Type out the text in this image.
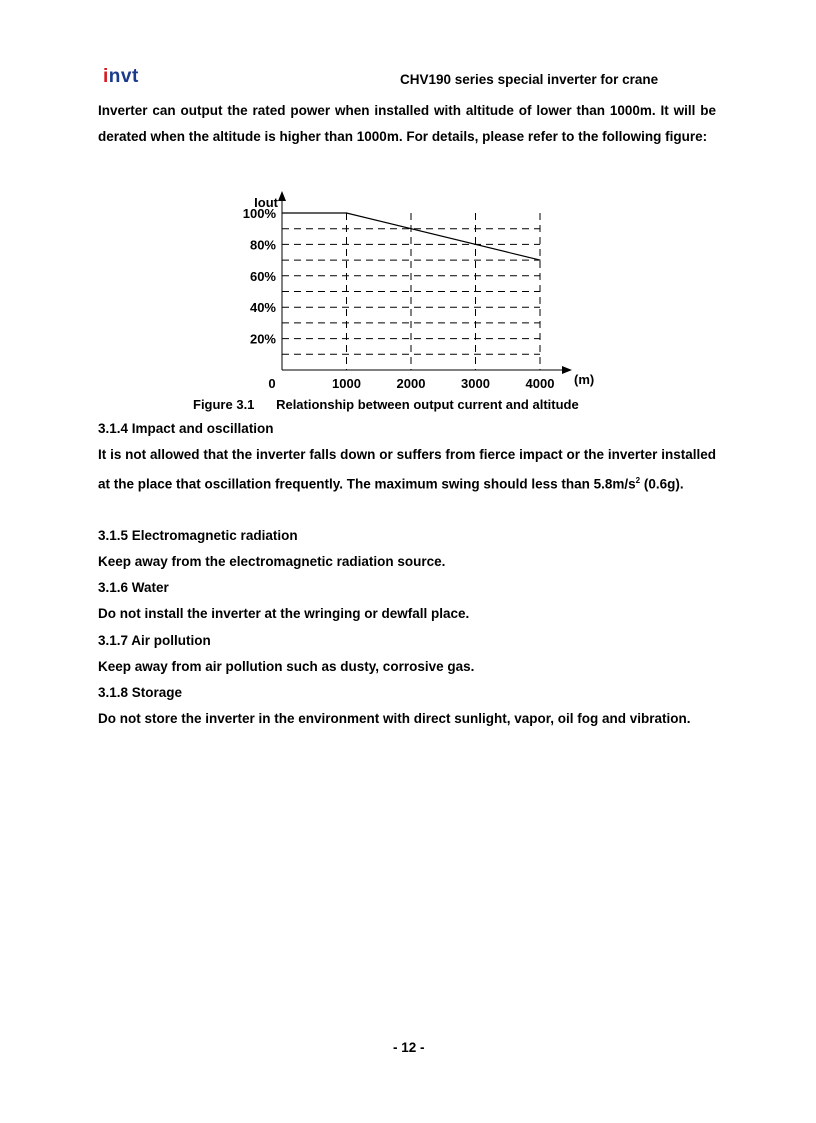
invt	CHV190 series special inverter for crane
Inverter can output the rated power when installed with altitude of lower than 1000m. It will be derated when the altitude is higher than 1000m. For details, please refer to the following figure:
20%
40%
60%
80%
100%
0	1000	2000	3000	4000
Iout
(m)
Figure 3.1      Relationship between output current and altitude
3.1.4 Impact and oscillation
It is not allowed that the inverter falls down or suffers from fierce impact or the inverter installed at the place that oscillation frequently. The maximum swing should less than $5.8m/s^2$ (0.6g).
3.1.5 Electromagnetic radiation
Keep away from the electromagnetic radiation source.
3.1.6 Water
Do not install the inverter at the wringing or dewfall place.
3.1.7 Air pollution
Keep away from air pollution such as dusty, corrosive gas.
3.1.8 Storage
Do not store the inverter in the environment with direct sunlight, vapor, oil fog and vibration.
- 12 -
